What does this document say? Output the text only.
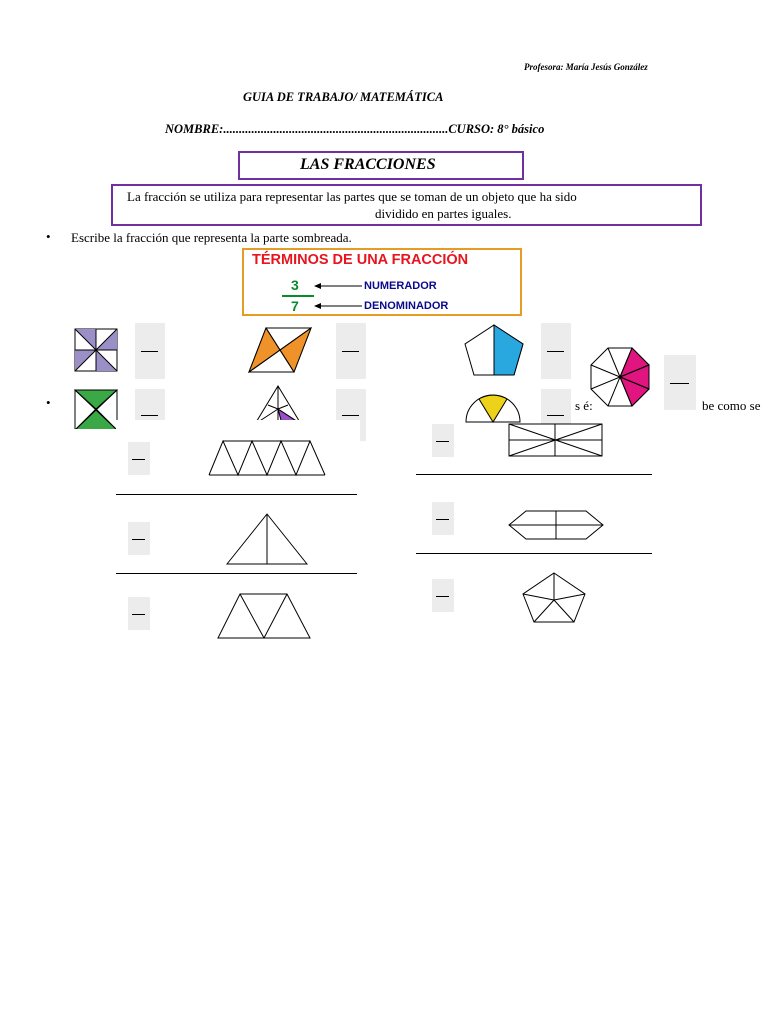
Profesora: María Jesús González
GUIA DE TRABAJO/ MATEMÁTICA
NOMBRE:........................................................................CURSO: 8° básico
LAS FRACCIONES
La fracción se utiliza para representar las partes que se toman de un objeto que ha sido
dividido en partes iguales.
• Escribe la fracción que representa la parte sombreada.
TÉRMINOS DE UNA FRACCIÓN
3
7
NUMERADOR
DENOMINADOR
•	s é:	be como se
